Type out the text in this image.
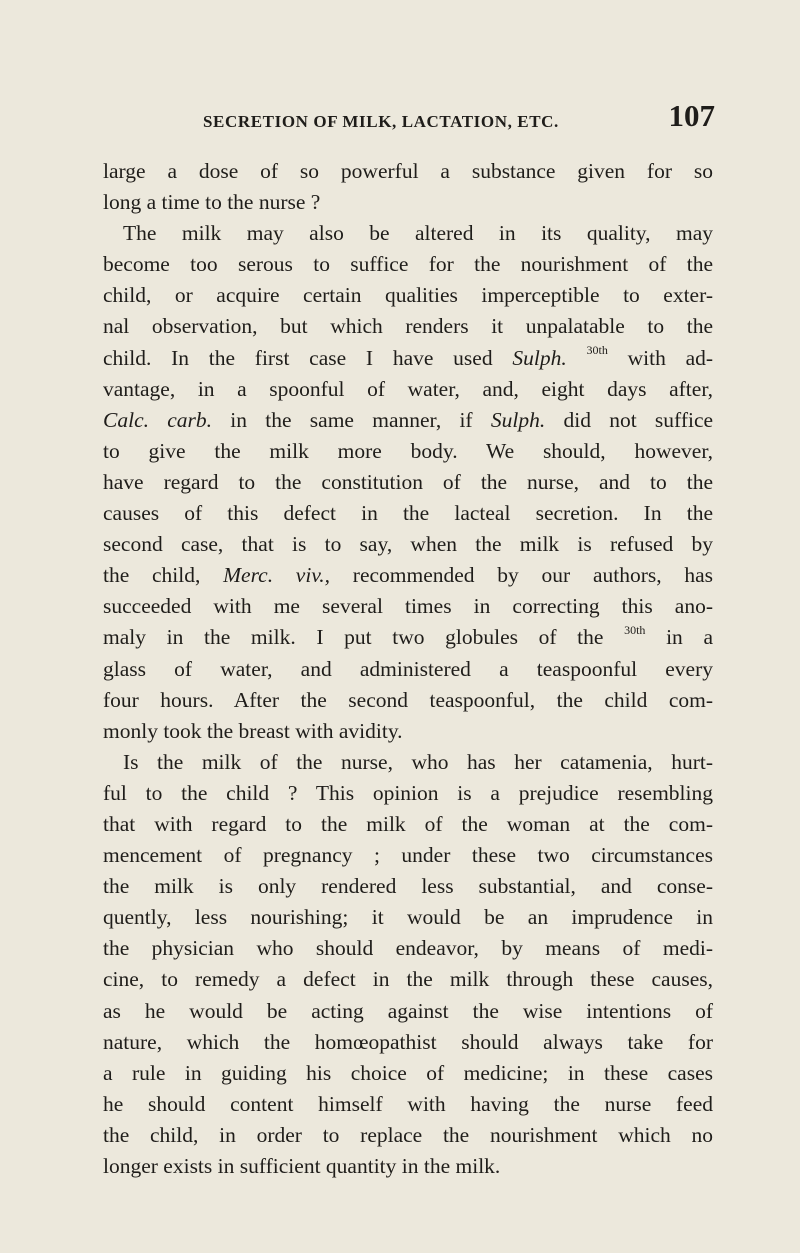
SECRETION OF MILK, LACTATION, ETC.	107
large a dose of so powerful a substance given for so
long a time to the nurse ?
The milk may also be altered in its quality, may
become too serous to suffice for the nourishment of the
child, or acquire certain qualities imperceptible to exter-
nal observation, but which renders it unpalatable to the
child. In the first case I have used Sulph. $^{30th}$ with ad-
vantage, in a spoonful of water, and, eight days after,
Calc. carb. in the same manner, if Sulph. did not suffice
to give the milk more body. We should, however,
have regard to the constitution of the nurse, and to the
causes of this defect in the lacteal secretion. In the
second case, that is to say, when the milk is refused by
the child, Merc. viv., recommended by our authors, has
succeeded with me several times in correcting this ano-
maly in the milk. I put two globules of the $^{30th}$ in a
glass of water, and administered a teaspoonful every
four hours. After the second teaspoonful, the child com-
monly took the breast with avidity.
Is the milk of the nurse, who has her catamenia, hurt-
ful to the child ? This opinion is a prejudice resembling
that with regard to the milk of the woman at the com-
mencement of pregnancy ; under these two circumstances
the milk is only rendered less substantial, and conse-
quently, less nourishing; it would be an imprudence in
the physician who should endeavor, by means of medi-
cine, to remedy a defect in the milk through these causes,
as he would be acting against the wise intentions of
nature, which the homœopathist should always take for
a rule in guiding his choice of medicine; in these cases
he should content himself with having the nurse feed
the child, in order to replace the nourishment which no
longer exists in sufficient quantity in the milk.
